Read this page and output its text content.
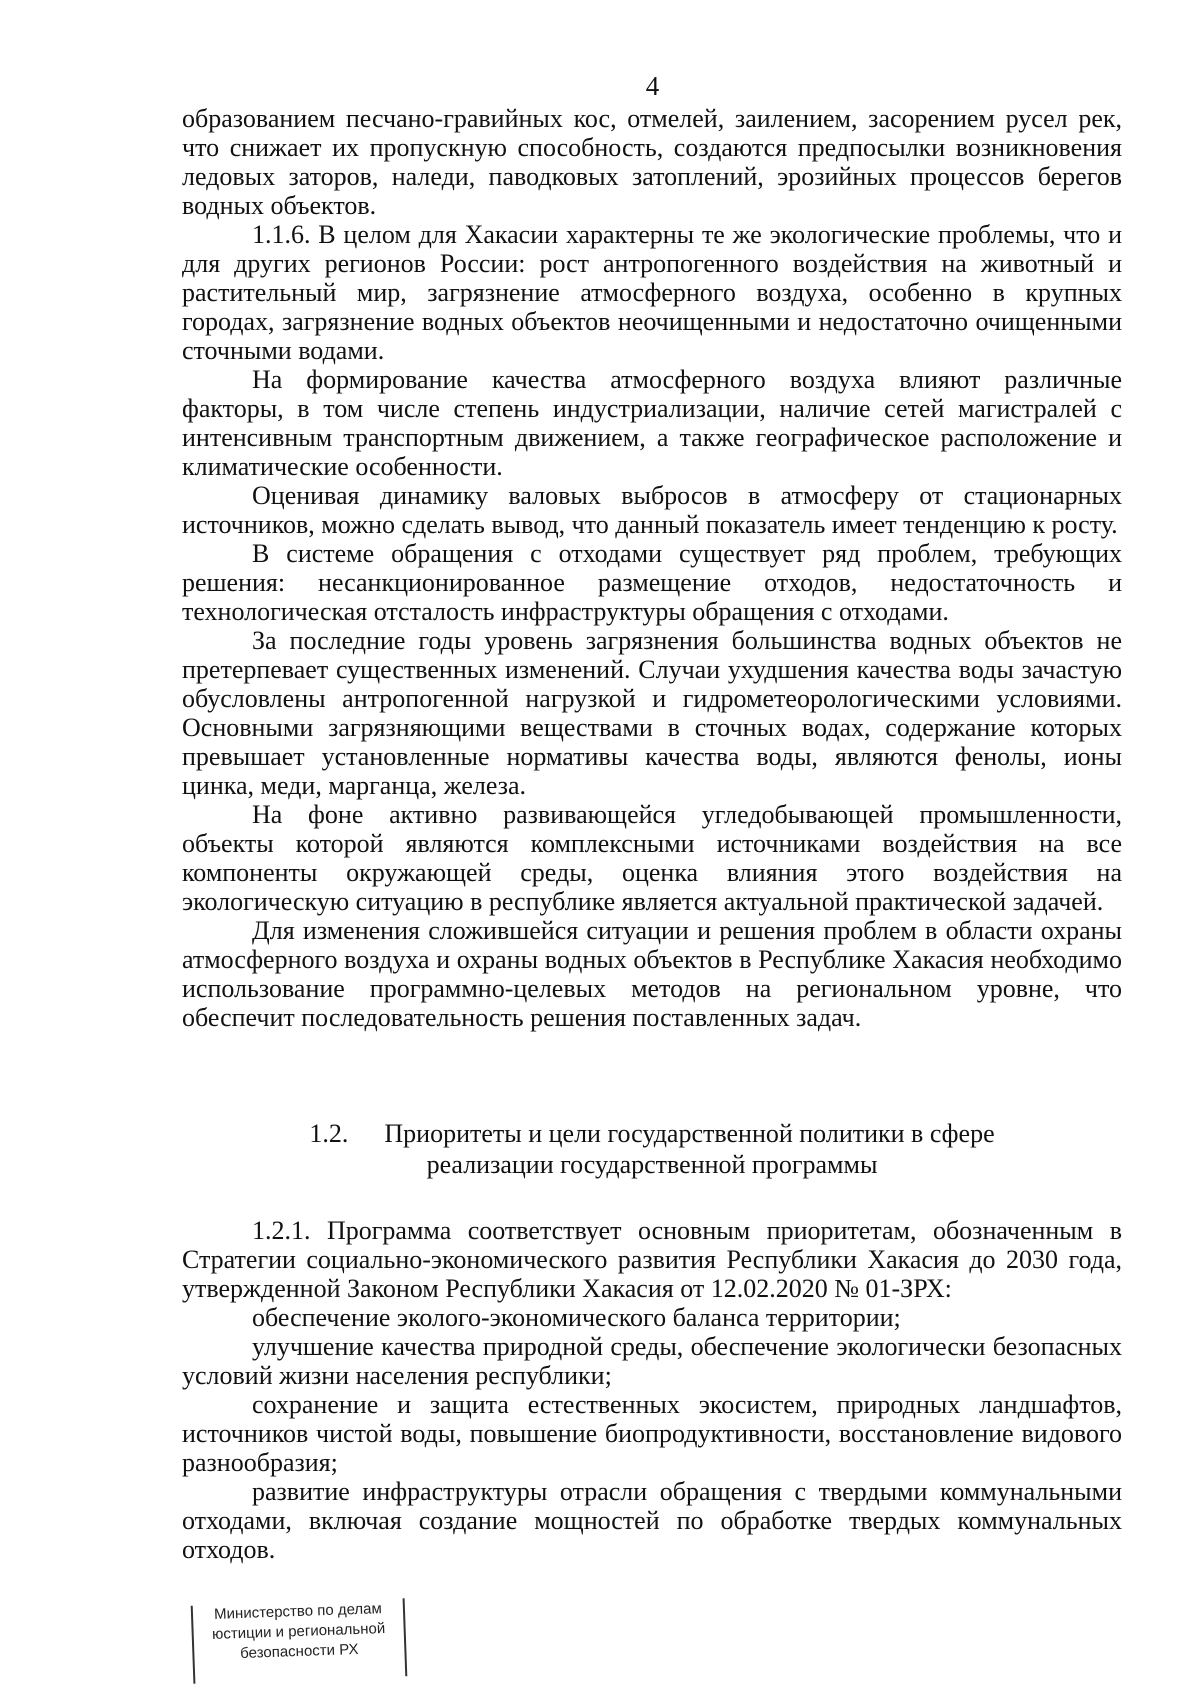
4

образованием песчано-гравийных кос, отмелей, заилением, засорением русел рек, что снижает их пропускную способность, создаются предпосылки возникновения ледовых заторов, наледи, паводковых затоплений, эрозийных процессов берегов водных объектов.

1.1.6. В целом для Хакасии характерны те же экологические проблемы, что и для других регионов России: рост антропогенного воздействия на животный и растительный мир, загрязнение атмосферного воздуха, особенно в крупных городах, загрязнение водных объектов неочищенными и недостаточно очищенными сточными водами.

На формирование качества атмосферного воздуха влияют различные факторы, в том числе степень индустриализации, наличие сетей магистралей с интенсивным транспортным движением, а также географическое расположение и климатические особенности.

Оценивая динамику валовых выбросов в атмосферу от стационарных источников, можно сделать вывод, что данный показатель имеет тенденцию к росту.

В системе обращения с отходами существует ряд проблем, требующих решения: несанкционированное размещение отходов, недостаточность и технологическая отсталость инфраструктуры обращения с отходами.

За последние годы уровень загрязнения большинства водных объектов не претерпевает существенных изменений. Случаи ухудшения качества воды зачастую обусловлены антропогенной нагрузкой и гидрометеорологическими условиями. Основными загрязняющими веществами в сточных водах, содержание которых превышает установленные нормативы качества воды, являются фенолы, ионы цинка, меди, марганца, железа.

На фоне активно развивающейся угледобывающей промышленности, объекты которой являются комплексными источниками воздействия на все компоненты окружающей среды, оценка влияния этого воздействия на экологическую ситуацию в республике является актуальной практической задачей.

Для изменения сложившейся ситуации и решения проблем в области охраны атмосферного воздуха и охраны водных объектов в Республике Хакасия необходимо использование программно-целевых методов на региональном уровне, что обеспечит последовательность решения поставленных задач.

1.2. Приоритеты и цели государственной политики в сфере
реализации государственной программы

1.2.1. Программа соответствует основным приоритетам, обозначенным в Стратегии социально-экономического развития Республики Хакасия до 2030 года, утвержденной Законом Республики Хакасия от 12.02.2020 № 01-ЗРХ:

обеспечение эколого-экономического баланса территории;

улучшение качества природной среды, обеспечение экологически безопасных условий жизни населения республики;

сохранение и защита естественных экосистем, природных ландшафтов, источников чистой воды, повышение биопродуктивности, восстановление видового разнообразия;

развитие инфраструктуры отрасли обращения с твердыми коммунальными отходами, включая создание мощностей по обработке твердых коммунальных отходов.

Министерство по делам
юстиции и региональной
безопасности РХ
